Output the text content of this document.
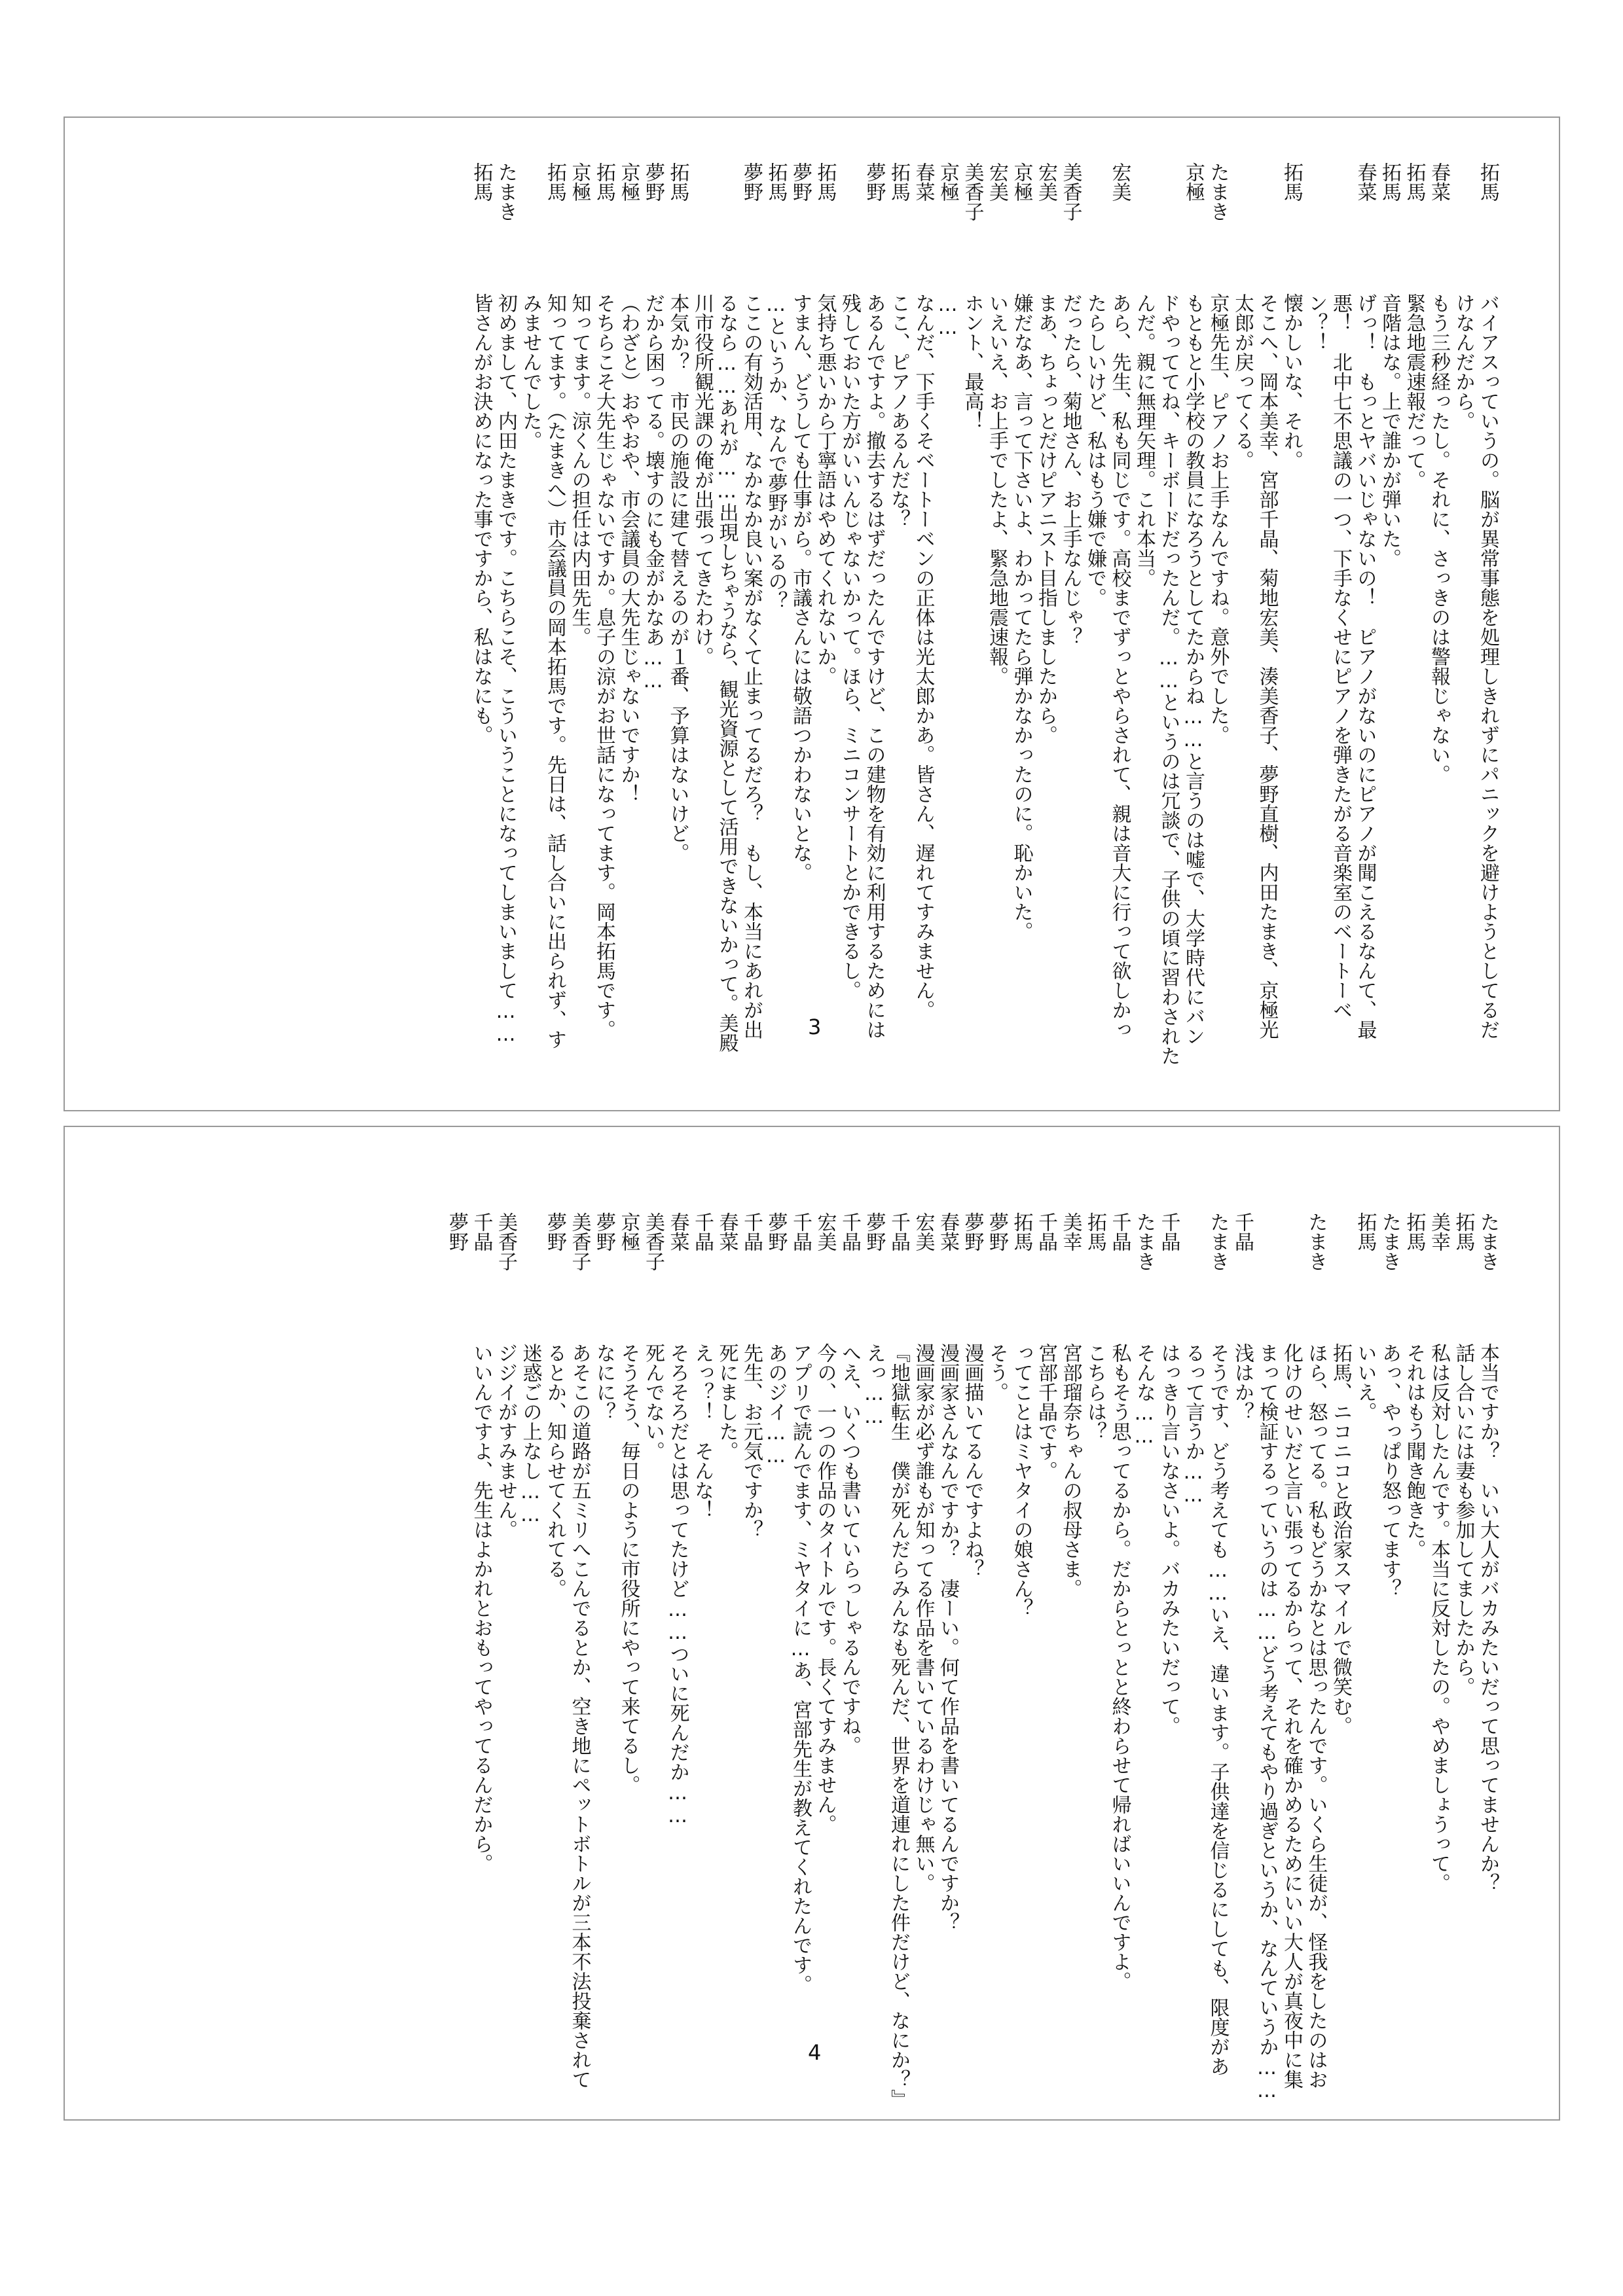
拓馬
バイアスっていうの。脳が異常事態を処理しきれずにパニックを避けようとしてるだ
けなんだから。
春菜
もう三秒経ったし。それに、さっきのは警報じゃない。
拓馬
緊急地震速報だって。
拓馬
音階はな。上で誰かが弾いた。
春菜
げっ！　もっとヤバいじゃないの！　ピアノがないのにピアノが聞こえるなんて、最
悪！　北中七不思議の一つ、下手なくせにピアノを弾きたがる音楽室のベートーベ
ン？！
拓馬
懐かしいな、それ。
そこへ、岡本美幸、宮部千晶、菊地宏美、湊美香子、夢野直樹、内田たまき、京極光
太郎が戻ってくる。
たまき
京極先生、ピアノお上手なんですね。意外でした。
京極
もともと小学校の教員になろうとしてたからね……と言うのは嘘で、大学時代にバン
ドやっててね、キーボードだったんだ。……というのは冗談で、子供の頃に習わされた
んだ。親に無理矢理。これ本当。
宏美
あら、先生、私も同じです。高校までずっとやらされて、親は音大に行って欲しかっ
たらしいけど、私はもう嫌で嫌で。
美香子
だったら、菊地さん、お上手なんじゃ？
宏美
まあ、ちょっとだけピアニスト目指しましたから。
京極
嫌だなあ、言って下さいよ、わかってたら弾かなかったのに。恥かいた。
宏美
いえいえ、お上手でしたよ、緊急地震速報。
美香子
ホント、最高！
京極
……
春菜
なんだ、下手くそベートーベンの正体は光太郎かあ。皆さん、遅れてすみません。
拓馬
ここ、ピアノあるんだな？
夢野
あるんですよ。撤去するはずだったんですけど、この建物を有効に利用するためには
残しておいた方がいいんじゃないかって。ほら、ミニコンサートとかできるし。
拓馬
気持ち悪いから丁寧語はやめてくれないか。
夢野
すまん、どうしても仕事がら。市議さんには敬語つかわないとな。
拓馬
…というか、なんで夢野がいるの？
夢野
ここの有効活用、なかなか良い案がなくて止まってるだろ？　もし、本当にあれが出
るなら……あれが……出現しちゃうなら、観光資源として活用できないかって。美殿
川市役所観光課の俺が出張ってきたわけ。
拓馬
本気か？　市民の施設に建て替えるのが１番、予算はないけど。
夢野
だから困ってる。壊すのにも金がかなあ……
京極
（わざと）おやおや、市会議員の大先生じゃないですか！
拓馬
そちらこそ大先生じゃないですか。息子の涼がお世話になってます。岡本拓馬です。
京極
知ってます。涼くんの担任は内田先生。
拓馬
知ってます。（たまきへ）市会議員の岡本拓馬です。先日は、話し合いに出られず、す
みませんでした。
たまき
初めまして、内田たまきです。こちらこそ、こういうことになってしまいまして……
拓馬
皆さんがお決めになった事ですから、私はなにも。
3
たまき
本当ですか？　いい大人がバカみたいだって思ってませんか？
拓馬
話し合いには妻も参加してましたから。
美幸
私は反対したんです。本当に反対したの。やめましょうって。
拓馬
それはもう聞き飽きた。
たまき
あっ、やっぱり怒ってます？
拓馬
いいえ。
拓馬、ニコニコと政治家スマイルで微笑む。
たまき
ほら、怒ってる。私もどうかなとは思ったんです。いくら生徒が、怪我をしたのはお
化けのせいだと言い張ってるからって、それを確かめるためにいい大人が真夜中に集
まって検証するっていうのは……どう考えてもやり過ぎというか、なんていうか……
千晶
浅はか？
たまき
そうです、どう考えても……いえ、違います。子供達を信じるにしても、限度があ
るって言うか……
千晶
はっきり言いなさいよ。バカみたいだって。
たまき
そんな……
千晶
私もそう思ってるから。だからとっとと終わらせて帰ればいいんですよ。
拓馬
こちらは？
美幸
宮部瑠奈ちゃんの叔母さま。
千晶
宮部千晶です。
拓馬
ってことはミヤタイの娘さん？
夢野
そう。
夢野
漫画描いてるんですよね？
春菜
漫画家さんなんですか？　凄ーい。何て作品を書いてるんですか？
宏美
漫画家が必ず誰もが知ってる作品を書いているわけじゃ無い。
千晶
『地獄転生　僕が死んだらみんなも死んだ、世界を道連れにした件だけど、なにか？』
夢野
えっ……
千晶
へえ、いくつも書いていらっしゃるんですね。
宏美
今の、一つの作品のタイトルです。長くてすみません。
千晶
アプリで読んでます、ミヤタイに…あ、宮部先生が教えてくれたんです。
夢野
あのジイ……
千晶
先生、お元気ですか？
春菜
死にました。
千晶
えっ？！　そんな！
春菜
そろそろだとは思ってたけど……ついに死んだか……
美香子
死んでない。
京極
そうそう、毎日のように市役所にやって来てるし。
夢野
なにに？
美香子
あそこの道路が五ミリへこんでるとか、空き地にペットボトルが三本不法投棄されて
夢野
るとか、知らせてくれてる。
迷惑ごの上なし……
美香子
ジジイがすみません。
千晶
いいんですよ、先生はよかれとおもってやってるんだから。
夢野
4
